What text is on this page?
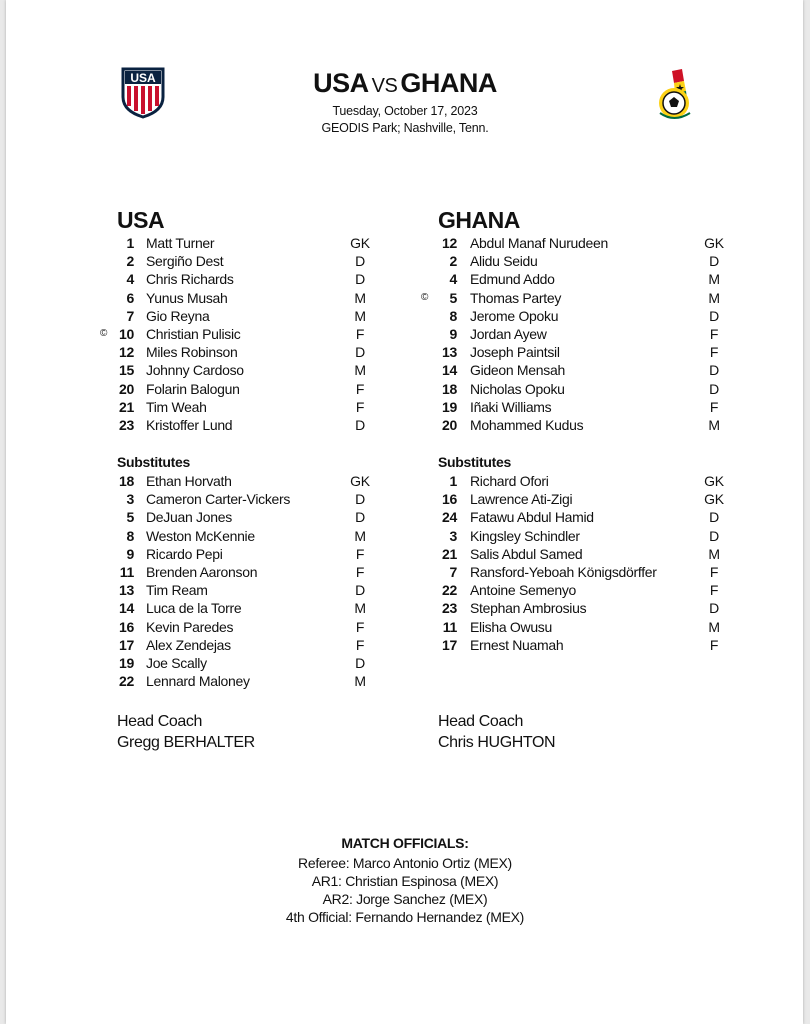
USA	USA VS GHANA
Tuesday, October 17, 2023
GEODIS Park; Nashville, Tenn.
USA	GHANA
1 Matt Turner	GK
2 Sergiño Dest	D
4 Chris Richards	D
6 Yunus Musah	M
7 Gio Reyna	M
© 10 Christian Pulisic	F
12 Miles Robinson	D
15 Johnny Cardoso	M
20 Folarin Balogun	F
21 Tim Weah	F
23 Kristoffer Lund	D
12 Abdul Manaf Nurudeen	GK
2 Alidu Seidu	D
4 Edmund Addo	M
©	5 Thomas Partey	M
8 Jerome Opoku	D
9 Jordan Ayew	F
13 Joseph Paintsil	F
14 Gideon Mensah	D
18 Nicholas Opoku	D
19 Iñaki Williams	F
20 Mohammed Kudus	M
Substitutes	Substitutes
18 Ethan Horvath	GK
3 Cameron Carter-Vickers	D
5 DeJuan Jones	D
8 Weston McKennie	M
9 Ricardo Pepi	F
11 Brenden Aaronson	F
13 Tim Ream	D
14 Luca de la Torre	M
16 Kevin Paredes	F
17 Alex Zendejas	F
19 Joe Scally	D
22 Lennard Maloney	M
1 Richard Ofori	GK
16 Lawrence Ati-Zigi	GK
24 Fatawu Abdul Hamid	D
3 Kingsley Schindler	D
21 Salis Abdul Samed	M
7 Ransford-Yeboah Königsdörffer	F
22 Antoine Semenyo	F
23 Stephan Ambrosius	D
11 Elisha Owusu	M
17 Ernest Nuamah	F
Head Coach
Gregg BERHALTER
Head Coach
Chris HUGHTON
MATCH OFFICIALS:
Referee: Marco Antonio Ortiz (MEX)
AR1: Christian Espinosa (MEX)
AR2: Jorge Sanchez (MEX)
4th Official: Fernando Hernandez (MEX)
